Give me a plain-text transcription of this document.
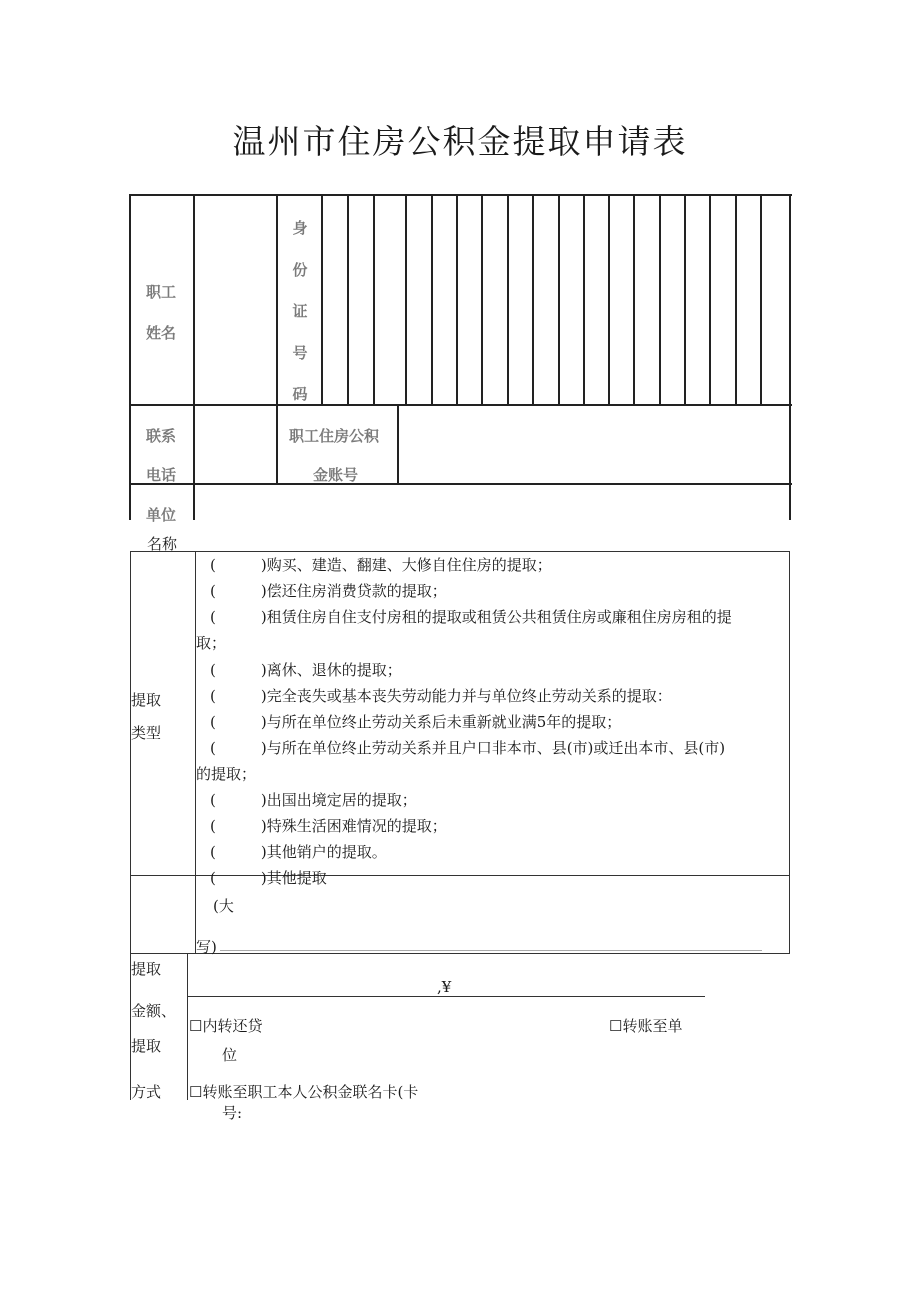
温州市住房公积金提取申请表
职工
姓名
身
份
证
号
码
联系
电话
职工住房公积
金账号
单位
名称
提取
类型
(　　　)购买、建造、翻建、大修自住住房的提取；
(　　　)偿还住房消费贷款的提取；
(　　　)租赁住房自住支付房租的提取或租赁公共租赁住房或廉租住房房租的提
取；
(　　　)离休、退休的提取；
(　　　)完全丧失或基本丧失劳动能力并与单位终止劳动关系的提取：
(　　　)与所在单位终止劳动关系后未重新就业满5年的提取；
(　　　)与所在单位终止劳动关系并且户口非本市、县(市)或迁出本市、县(市)
的提取；
(　　　)出国出境定居的提取；
(　　　)特殊生活困难情况的提取；
(　　　)其他销户的提取。
(　　　)其他提取
(大
写)
提取
金额、
提取
方式
,¥
☐内转还贷	☐转账至单
位
☐转账至职工本人公积金联名卡(卡
号:
